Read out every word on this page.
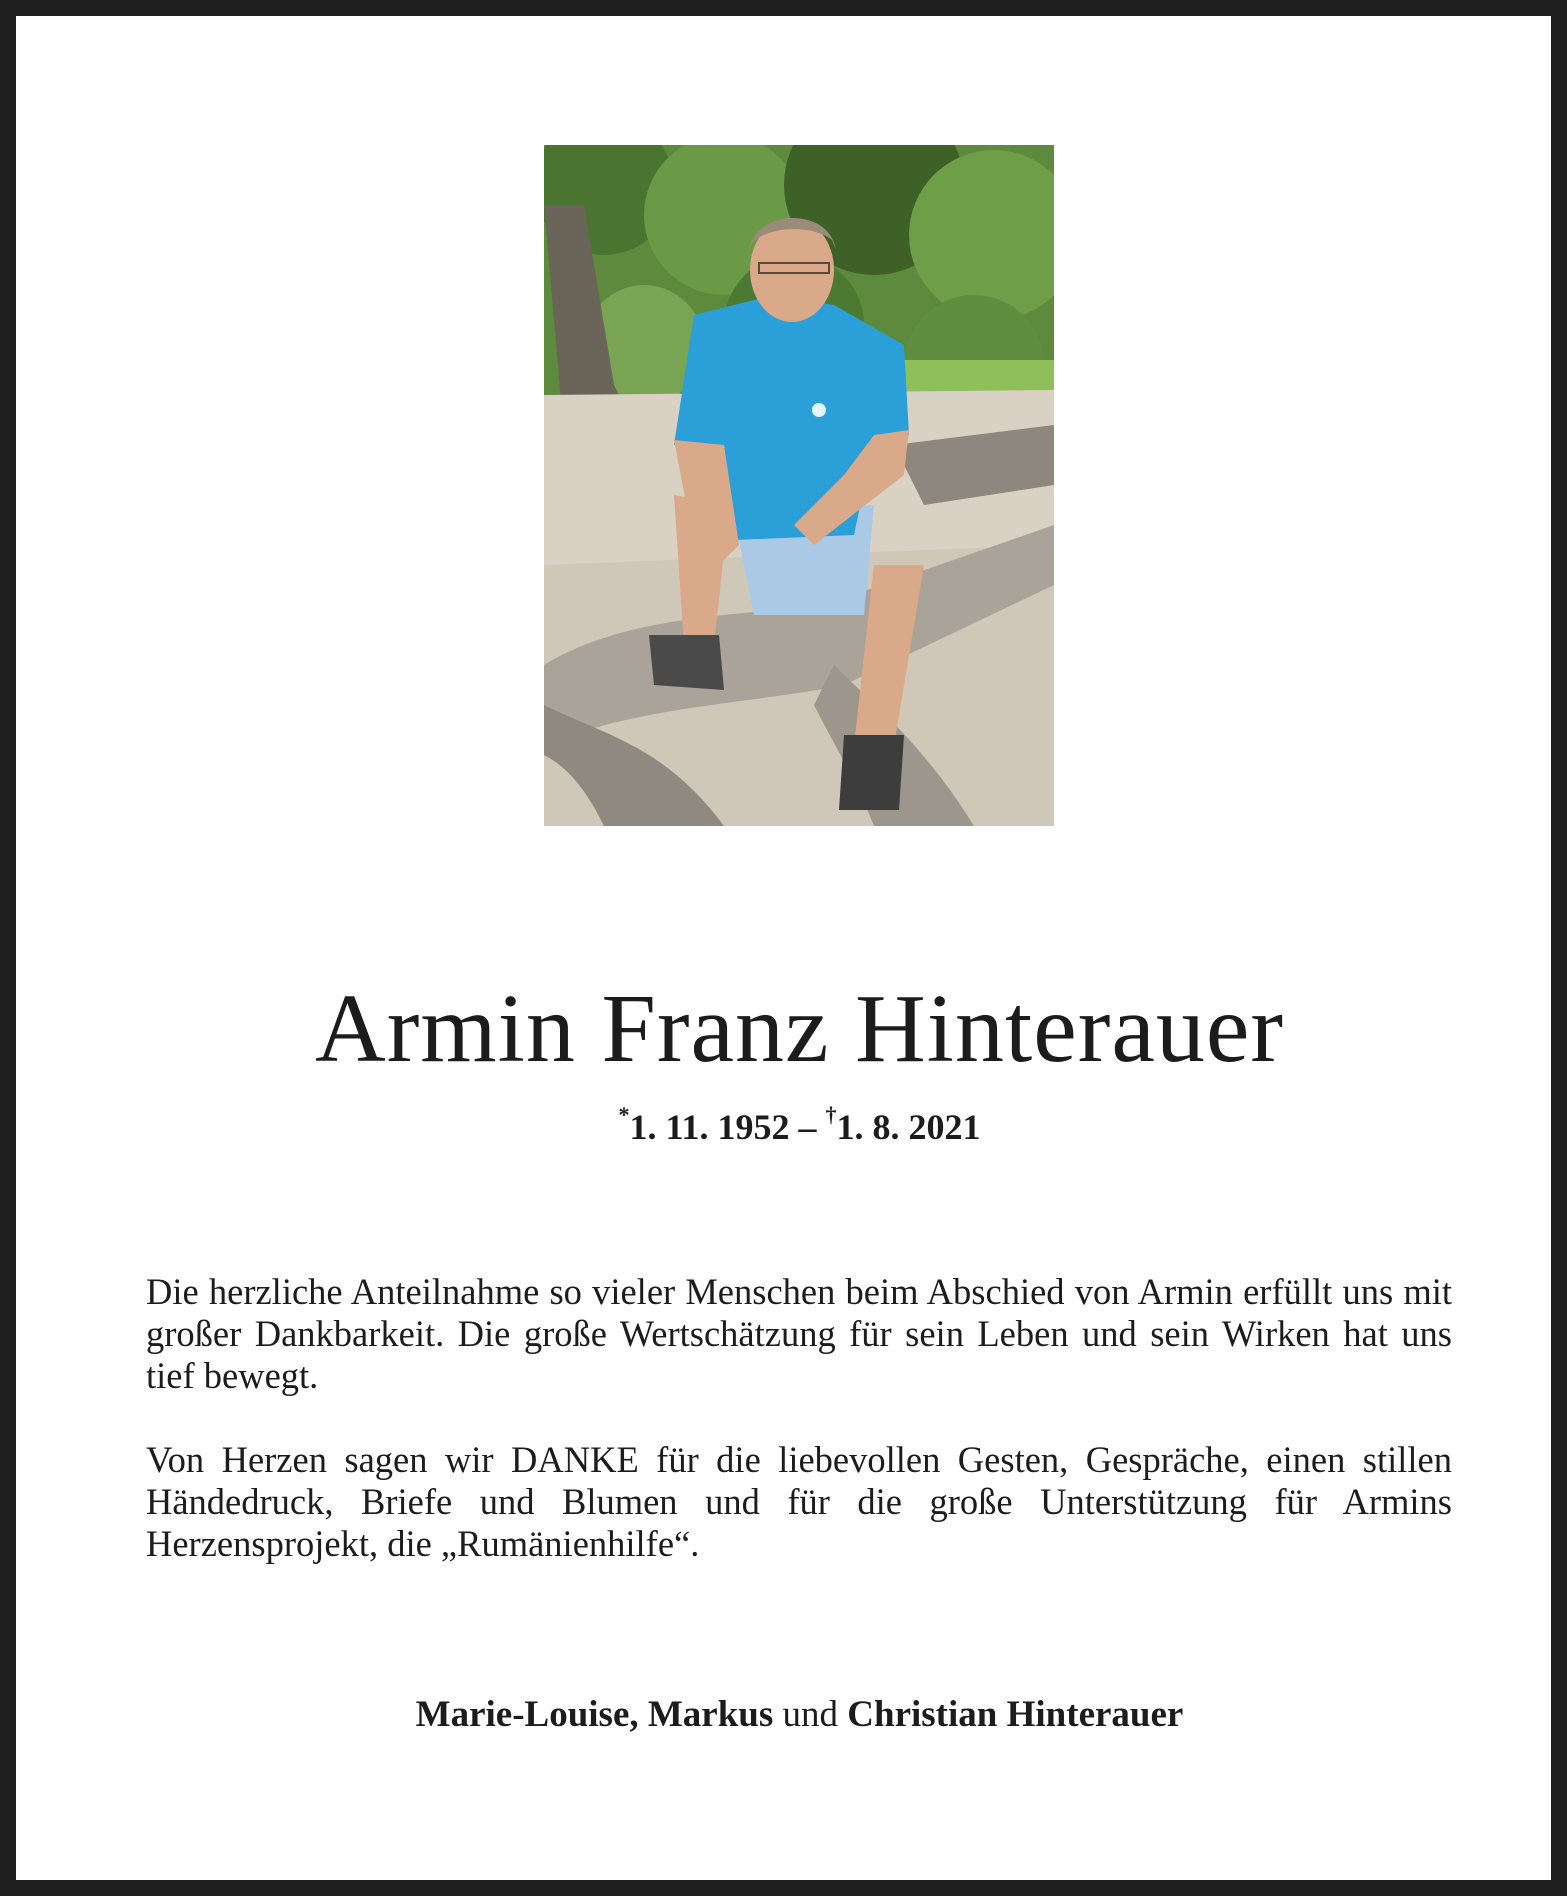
Armin Franz Hinterauer
*1. 11. 1952 – †1. 8. 2021

Die herzliche Anteilnahme so vieler Menschen beim Abschied von Armin erfüllt uns mit großer Dankbarkeit. Die große Wertschätzung für sein Leben und sein Wirken hat uns tief bewegt.

Von Herzen sagen wir DANKE für die liebevollen Gesten, Gespräche, einen stillen Händedruck, Briefe und Blumen und für die große Unterstützung für Armins Herzensprojekt, die „Rumänienhilfe“.

Marie-Louise, Markus und Christian Hinterauer
